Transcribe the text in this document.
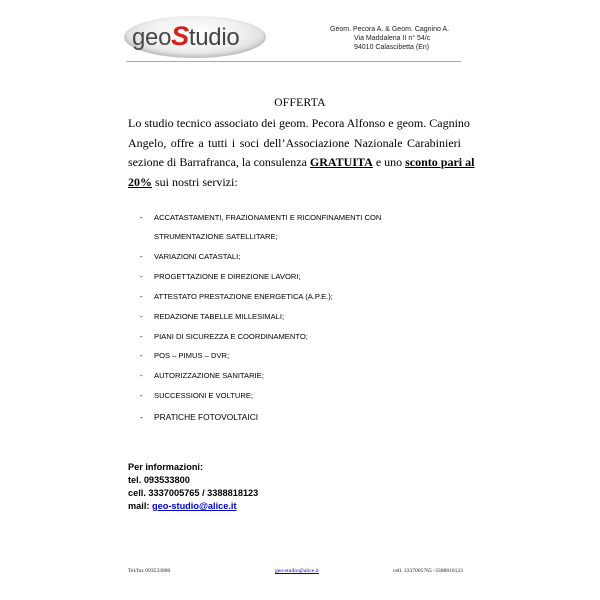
geoStudio	Geom. Pecora A. & Geom. Cagnino A.
Via Maddalena II n° 54/c
94010 Calascibetta (En)
OFFERTA
Lo studio tecnico associato dei geom. Pecora Alfonso e geom. Cagnino
Angelo, offre a tutti i soci dell’Associazione Nazionale Carabinieri
sezione di Barrafranca, la consulenza GRATUITA e uno sconto pari al
20% sui nostri servizi:
- ACCATASTAMENTI, FRAZIONAMENTI E RICONFINAMENTI CON
STRUMENTAZIONE SATELLITARE;
- VARIAZIONI CATASTALI;
- PROGETTAZIONE E DIREZIONE LAVORI;
- ATTESTATO PRESTAZIONE ENERGETICA (A.P.E.);
- REDAZIONE TABELLE MILLESIMALI;
- PIANI DI SICUREZZA E COORDINAMENTO;
- POS – PIMUS – DVR;
- AUTORIZZAZIONE SANITARIE;
- SUCCESSIONI E VOLTURE;
- PRATICHE FOTOVOLTAICI
Per informazioni:
tel. 093533800
cell. 3337005765 / 3388818123
mail: geo-studio@alice.it
Tel/fax 093533800	geo-studio@alice.it	cell. 3337005765 -3388818123
